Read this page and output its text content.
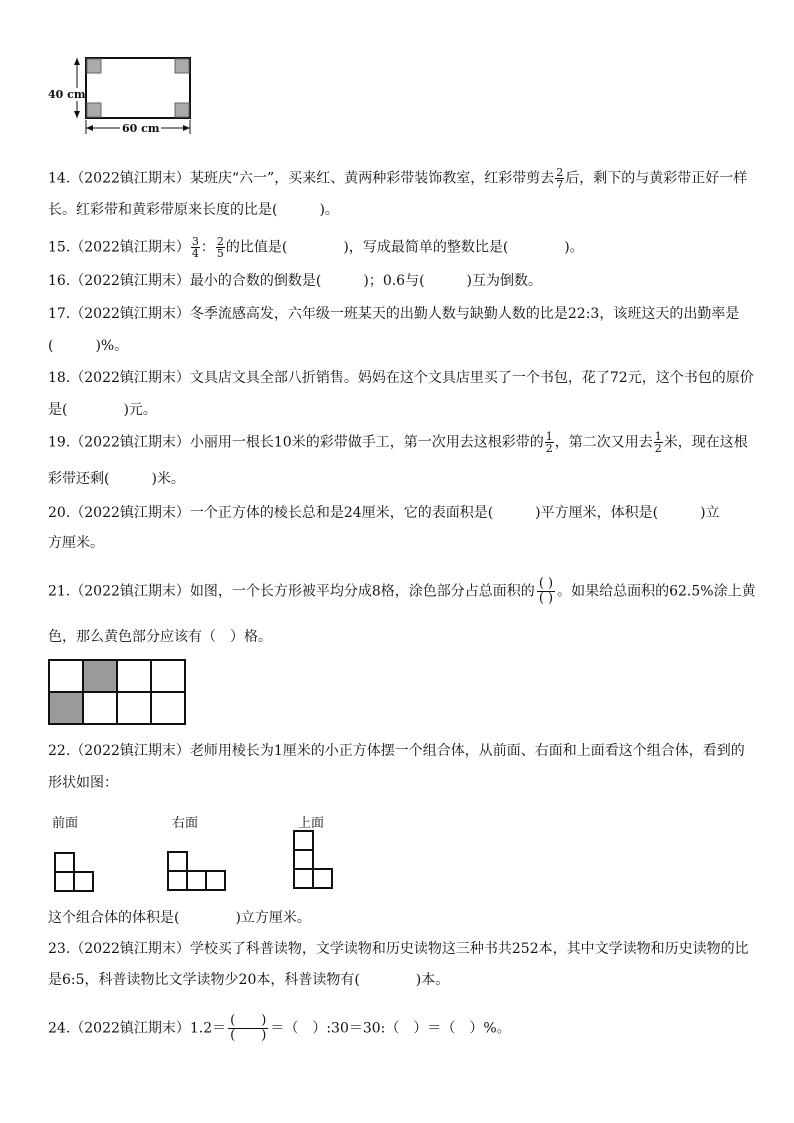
40 cm
60 cm
14.（2022镇江期末）某班庆“六一”，买来红、黄两种彩带装饰教室，红彩带剪去 $\frac{2}{7}$ 后，剩下的与黄彩带正好一样
长。红彩带和黄彩带原来长度的比是(　　　)。
15.（2022镇江期末） $\frac{3}{4}$ ： $\frac{2}{5}$ 的比值是(　　　　)，写成最简单的整数比是(　　　　)。
16.（2022镇江期末）最小的合数的倒数是(　　　)；0.6与(　　　)互为倒数。
17.（2022镇江期末）冬季流感高发，六年级一班某天的出勤人数与缺勤人数的比是22:3，该班这天的出勤率是
(　　　)%。
18.（2022镇江期末）文具店文具全部八折销售。妈妈在这个文具店里买了一个书包，花了72元，这个书包的原价
是(　　　　)元。
19.（2022镇江期末）小丽用一根长10米的彩带做手工，第一次用去这根彩带的 $\frac{1}{2}$ ，第二次又用去 $\frac{1}{2}$ 米，现在这根
彩带还剩(　　　)米。
20.（2022镇江期末）一个正方体的棱长总和是24厘米，它的表面积是(　　　)平方厘米，体积是(　　　)立
方厘米。
21.（2022镇江期末）如图，一个长方形被平均分成8格，涂色部分占总面积的 ( )
( ) 。如果给总面积的62.5%涂上黄
色，那么黄色部分应该有（　）格。

22.（2022镇江期末）老师用棱长为1厘米的小正方体摆一个组合体，从前面、右面和上面看这个组合体，看到的
形状如图：
前面	右面	上面
这个组合体的体积是(　　　　)立方厘米。
23.（2022镇江期末）学校买了科普读物，文学读物和历史读物这三种书共252本，其中文学读物和历史读物的比
是6:5，科普读物比文学读物少20本，科普读物有(　　　　)本。
24.（2022镇江期末）1.2＝ (　　)
(　　) ＝（　）:30＝30:（　）＝（　）%。
